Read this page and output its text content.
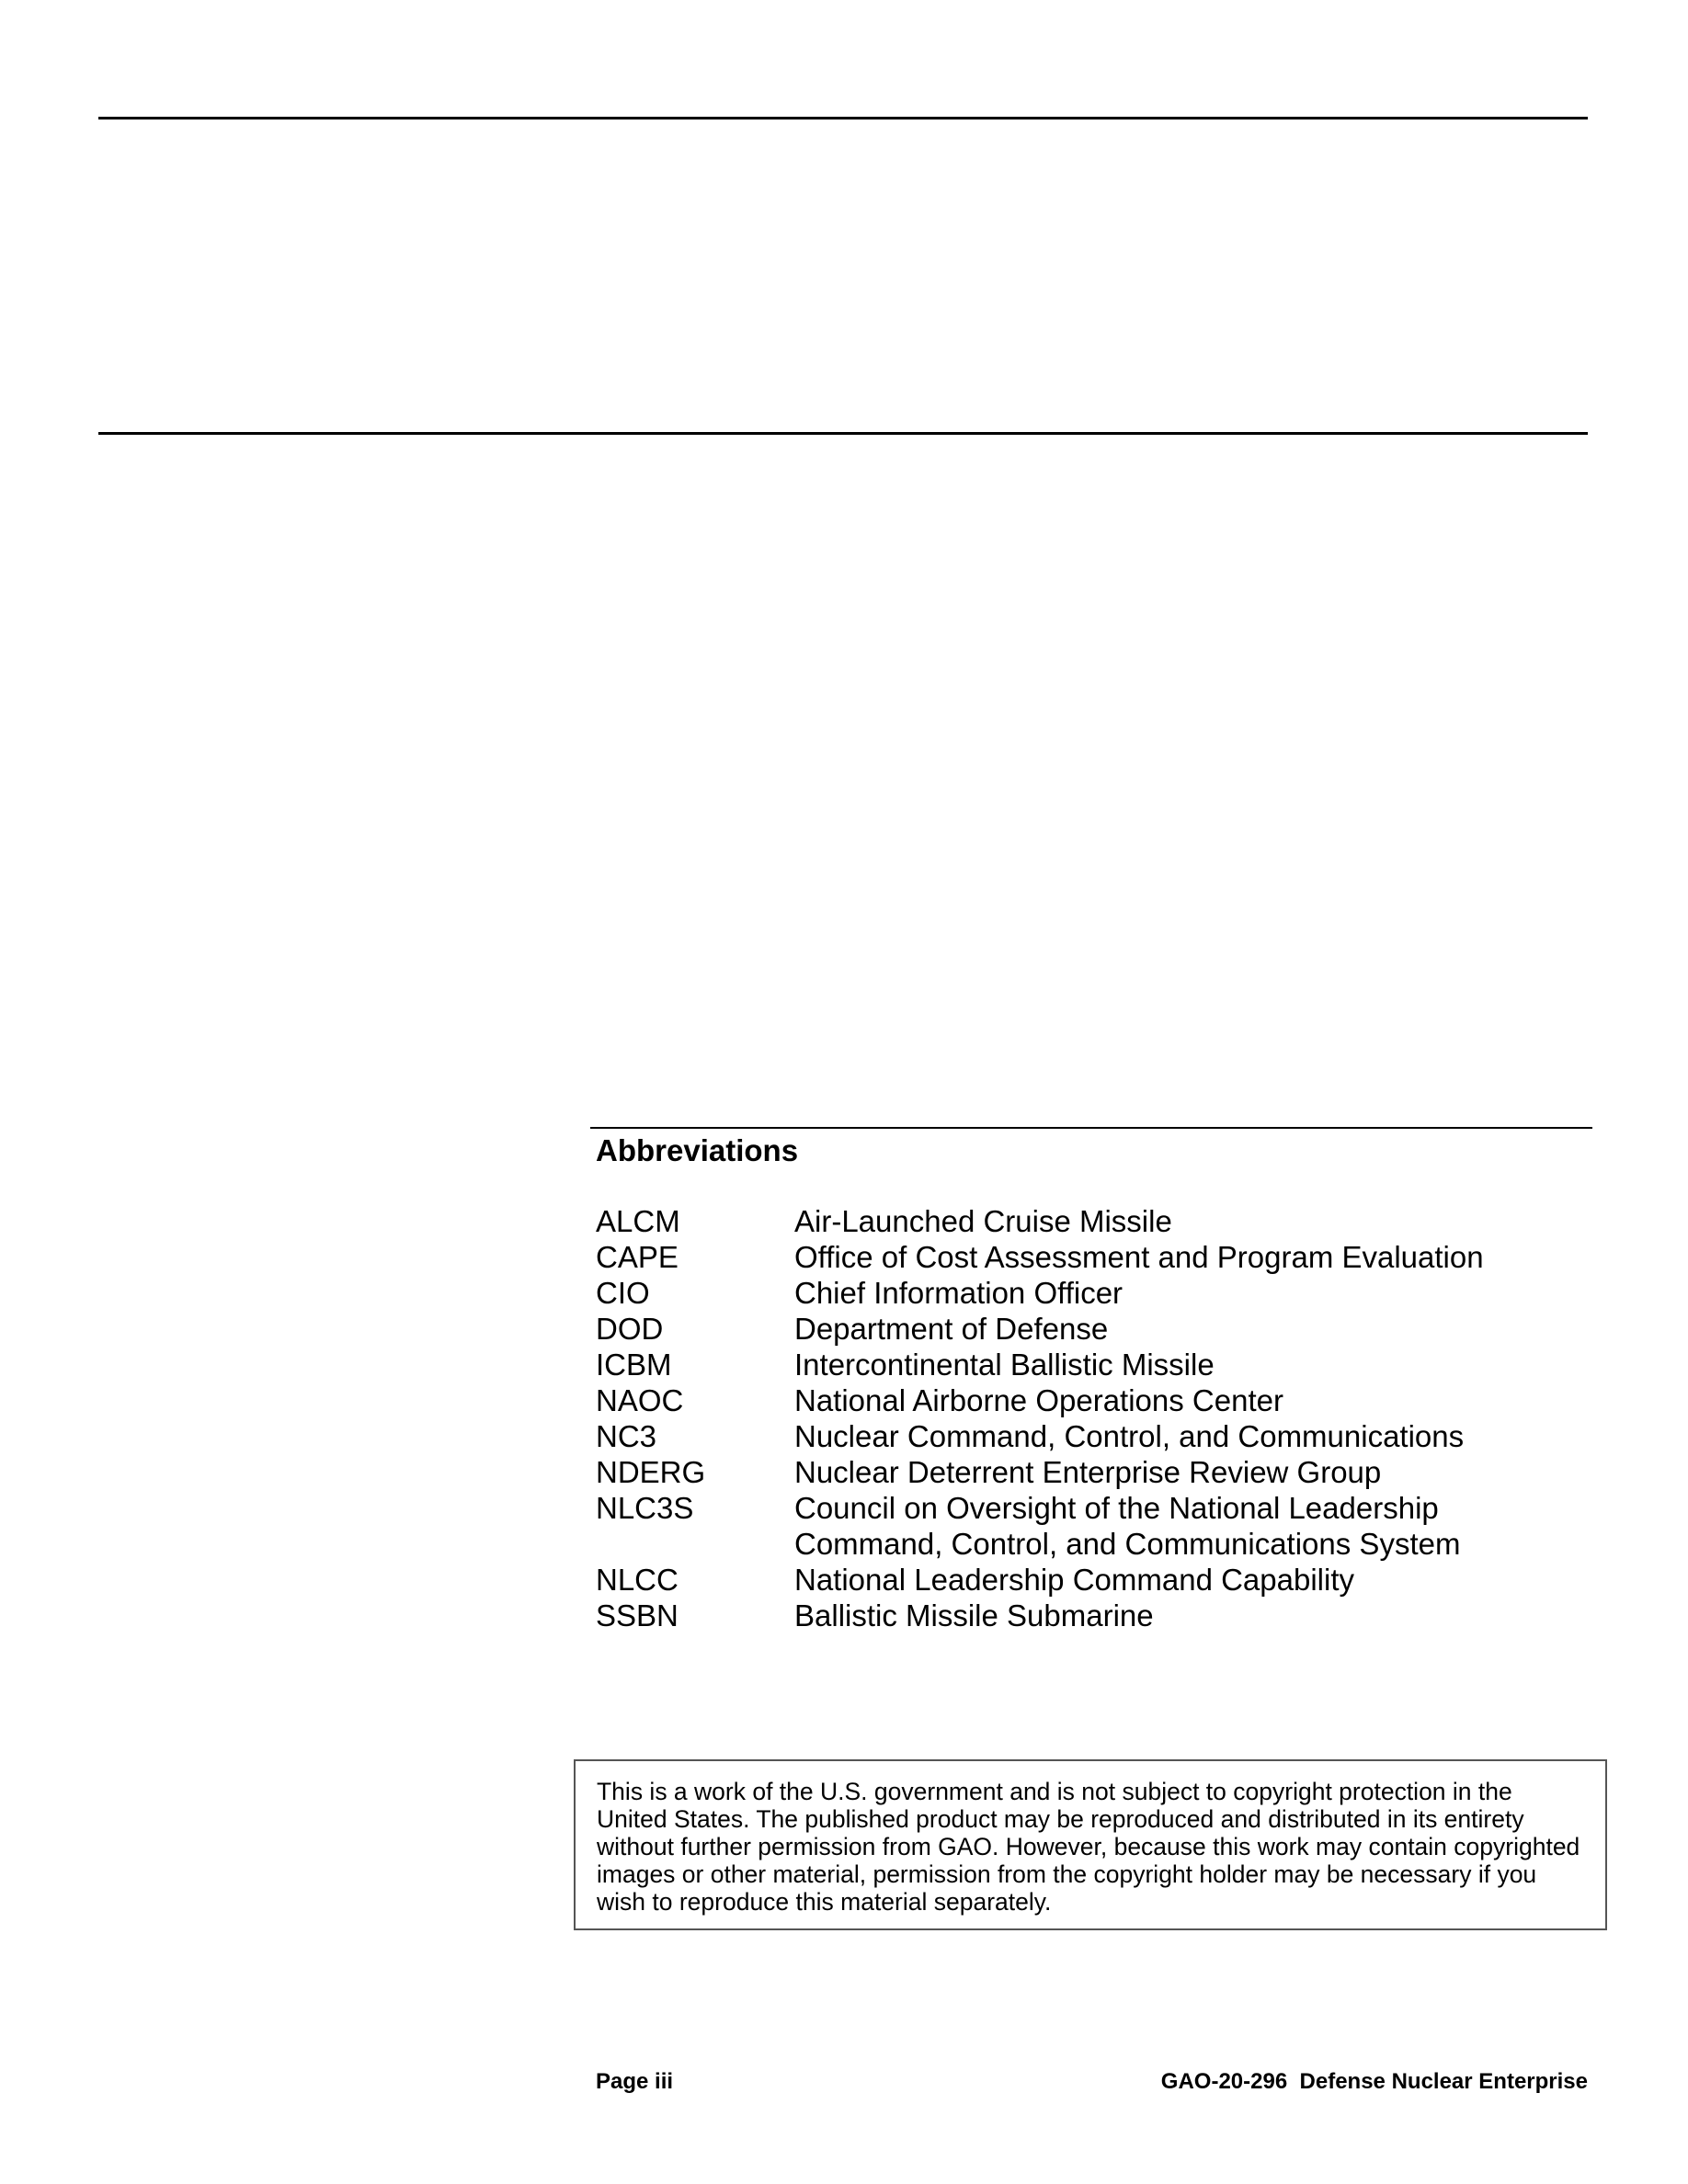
Abbreviations
ALCM	Air-Launched Cruise Missile
CAPE	Office of Cost Assessment and Program Evaluation
CIO	Chief Information Officer
DOD	Department of Defense
ICBM	Intercontinental Ballistic Missile
NAOC	National Airborne Operations Center
NC3	Nuclear Command, Control, and Communications
NDERG	Nuclear Deterrent Enterprise Review Group
NLC3S	Council on Oversight of the National Leadership
Command, Control, and Communications System
NLCC	National Leadership Command Capability
SSBN	Ballistic Missile Submarine
This is a work of the U.S. government and is not subject to copyright protection in the United States. The published product may be reproduced and distributed in its entirety without further permission from GAO. However, because this work may contain copyrighted images or other material, permission from the copyright holder may be necessary if you wish to reproduce this material separately.
Page iii	GAO-20-296 Defense Nuclear Enterprise
